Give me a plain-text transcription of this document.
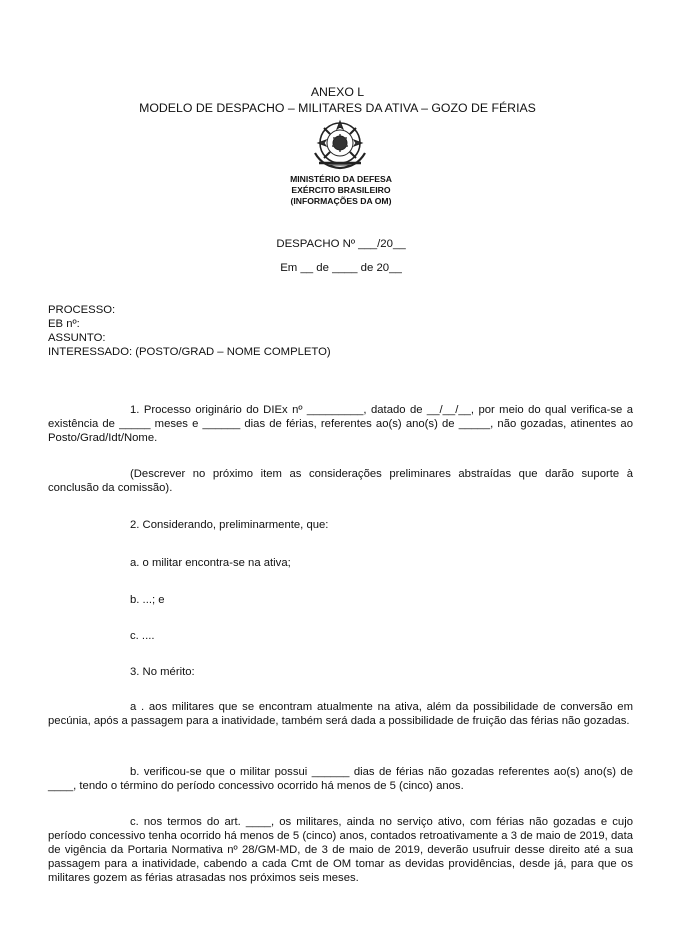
ANEXO L
MODELO DE DESPACHO – MILITARES DA ATIVA – GOZO DE FÉRIAS
MINISTÉRIO DA DEFESA
EXÉRCITO BRASILEIRO
(INFORMAÇÕES DA OM)
DESPACHO Nº ___/20__
Em __ de ____ de 20__
PROCESSO:
EB nº:
ASSUNTO:
INTERESSADO: (POSTO/GRAD – NOME COMPLETO)
1. Processo originário do DIEx nº _________, datado de __/__/__, por meio do qual verifica-se a existência de _____ meses e ______ dias de férias, referentes ao(s) ano(s) de _____, não gozadas, atinentes ao Posto/Grad/Idt/Nome.
(Descrever no próximo item as considerações preliminares abstraídas que darão suporte à conclusão da comissão).
2. Considerando, preliminarmente, que:
a. o militar encontra-se na ativa;
b. ...; e
c. ....
3. No mérito:
a . aos militares que se encontram atualmente na ativa, além da possibilidade de conversão em pecúnia, após a passagem para a inatividade, também será dada a possibilidade de fruição das férias não gozadas.
b. verificou-se que o militar possui ______ dias de férias não gozadas referentes ao(s) ano(s) de ____, tendo o término do período concessivo ocorrido há menos de 5 (cinco) anos.
c. nos termos do art. ____, os militares, ainda no serviço ativo, com férias não gozadas e cujo período concessivo tenha ocorrido há menos de 5 (cinco) anos, contados retroativamente a 3 de maio de 2019, data de vigência da Portaria Normativa nº 28/GM-MD, de 3 de maio de 2019, deverão usufruir desse direito até a sua passagem para a inatividade, cabendo a cada Cmt de OM tomar as devidas providências, desde já, para que os militares gozem as férias atrasadas nos próximos seis meses.
